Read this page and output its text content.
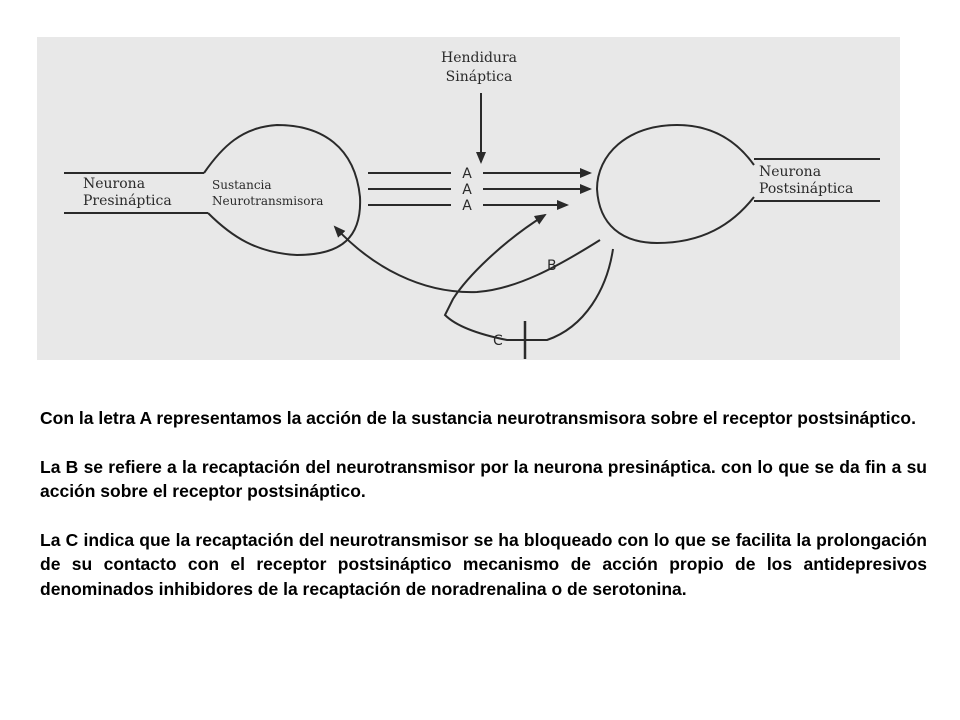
Hendidura
Sináptica
Neurona
Presináptica
Sustancia
Neurotransmisora
Neurona
Postsináptica
A
A
A
B
C

Con la letra A representamos la acción de la sustancia neurotransmisora sobre el receptor postsináptico.

La B se refiere a la recaptación del neurotransmisor por la neurona presináptica. con lo que se da fin a su acción sobre el receptor postsináptico.

La C indica que la recaptación del neurotransmisor se ha bloqueado con lo que se facilita la prolongación de su contacto con el receptor postsináptico mecanismo de acción propio de los antidepresivos denominados inhibidores de la recaptación de noradrenalina o de serotonina.
